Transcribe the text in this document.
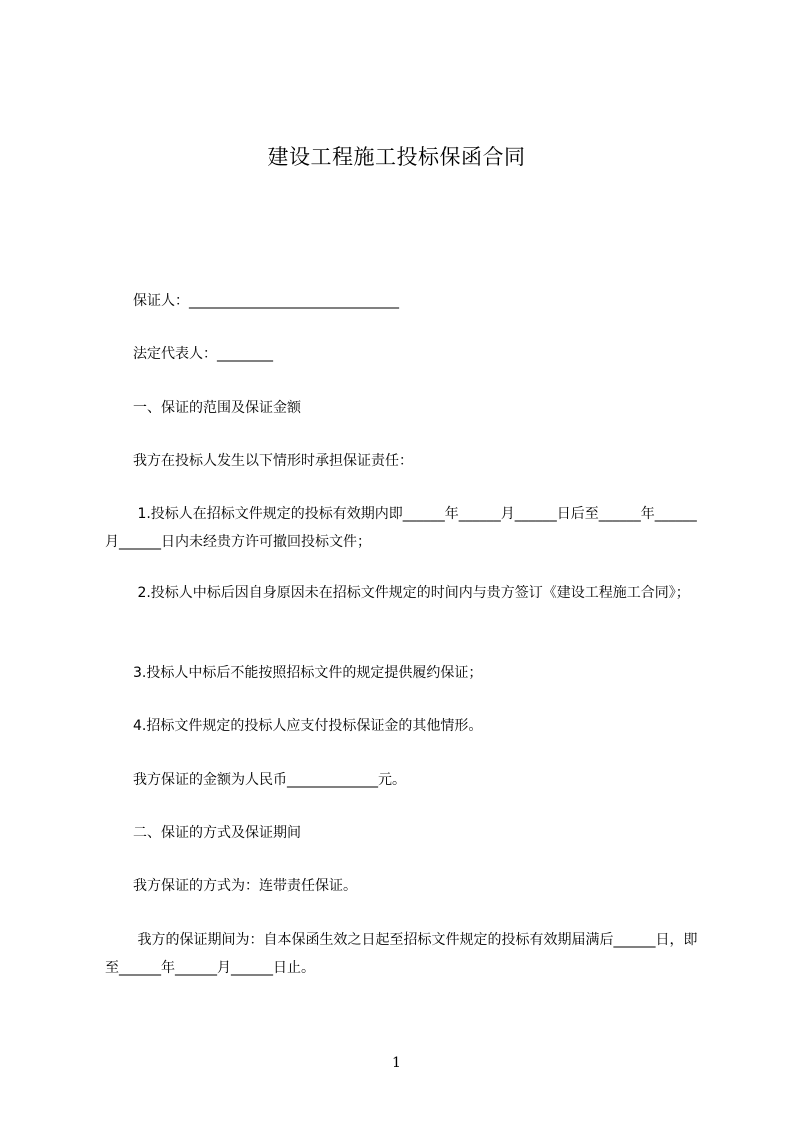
建设工程施工投标保函合同
　　保证人：______________________________
　　法定代表人：________
　　一、保证的范围及保证金额
　　我方在投标人发生以下情形时承担保证责任：
　　 1.投标人在招标文件规定的投标有效期内即______年______月______日后至______年______月______日内未经贵方许可撤回投标文件；
　　 2.投标人中标后因自身原因未在招标文件规定的时间内与贵方签订《建设工程施工合同》；
　　3.投标人中标后不能按照招标文件的规定提供履约保证；
　　4.招标文件规定的投标人应支付投标保证金的其他情形。
　　我方保证的金额为人民币_____________元。
　　二、保证的方式及保证期间
　　我方保证的方式为：连带责任保证。
　　 我方的保证期间为：自本保函生效之日起至招标文件规定的投标有效期届满后______日，即至______年______月______日止。
1
